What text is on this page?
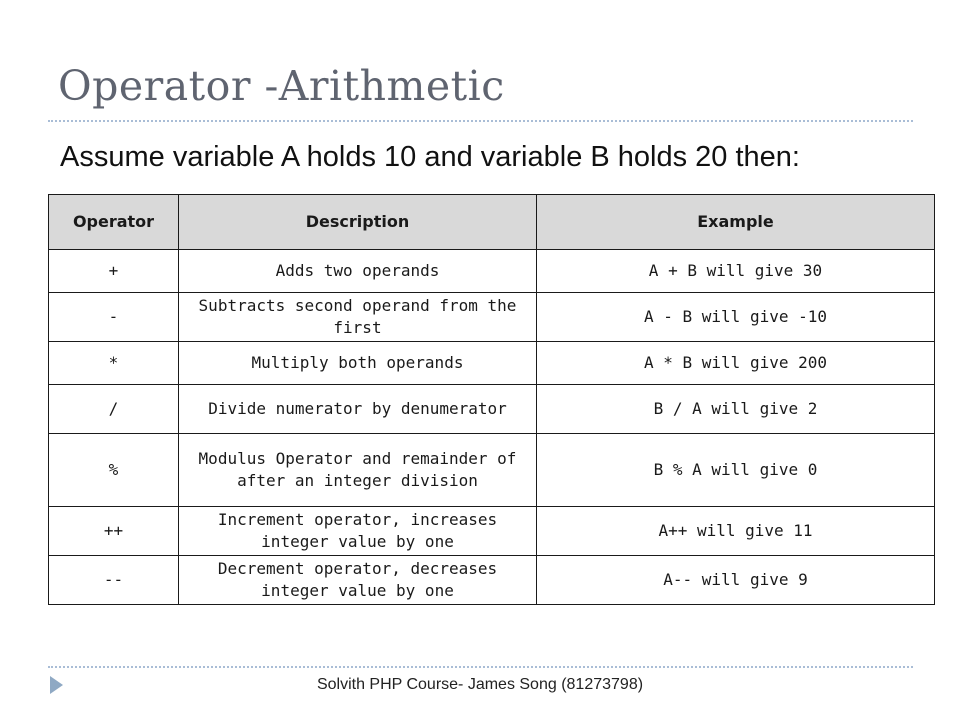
Operator -Arithmetic
Assume variable A holds 10 and variable B holds 20 then:
Operator	Description	Example
+	Adds two operands	A + B will give 30
-	Subtracts second operand from the first	A - B will give -10
*	Multiply both operands	A * B will give 200
/	Divide numerator by denumerator	B / A will give 2
%	Modulus Operator and remainder of after an integer division	B % A will give 0
++	Increment operator, increases integer value by one	A++ will give 11
--	Decrement operator, decreases integer value by one	A-- will give 9
Solvith PHP Course- James Song (81273798)
